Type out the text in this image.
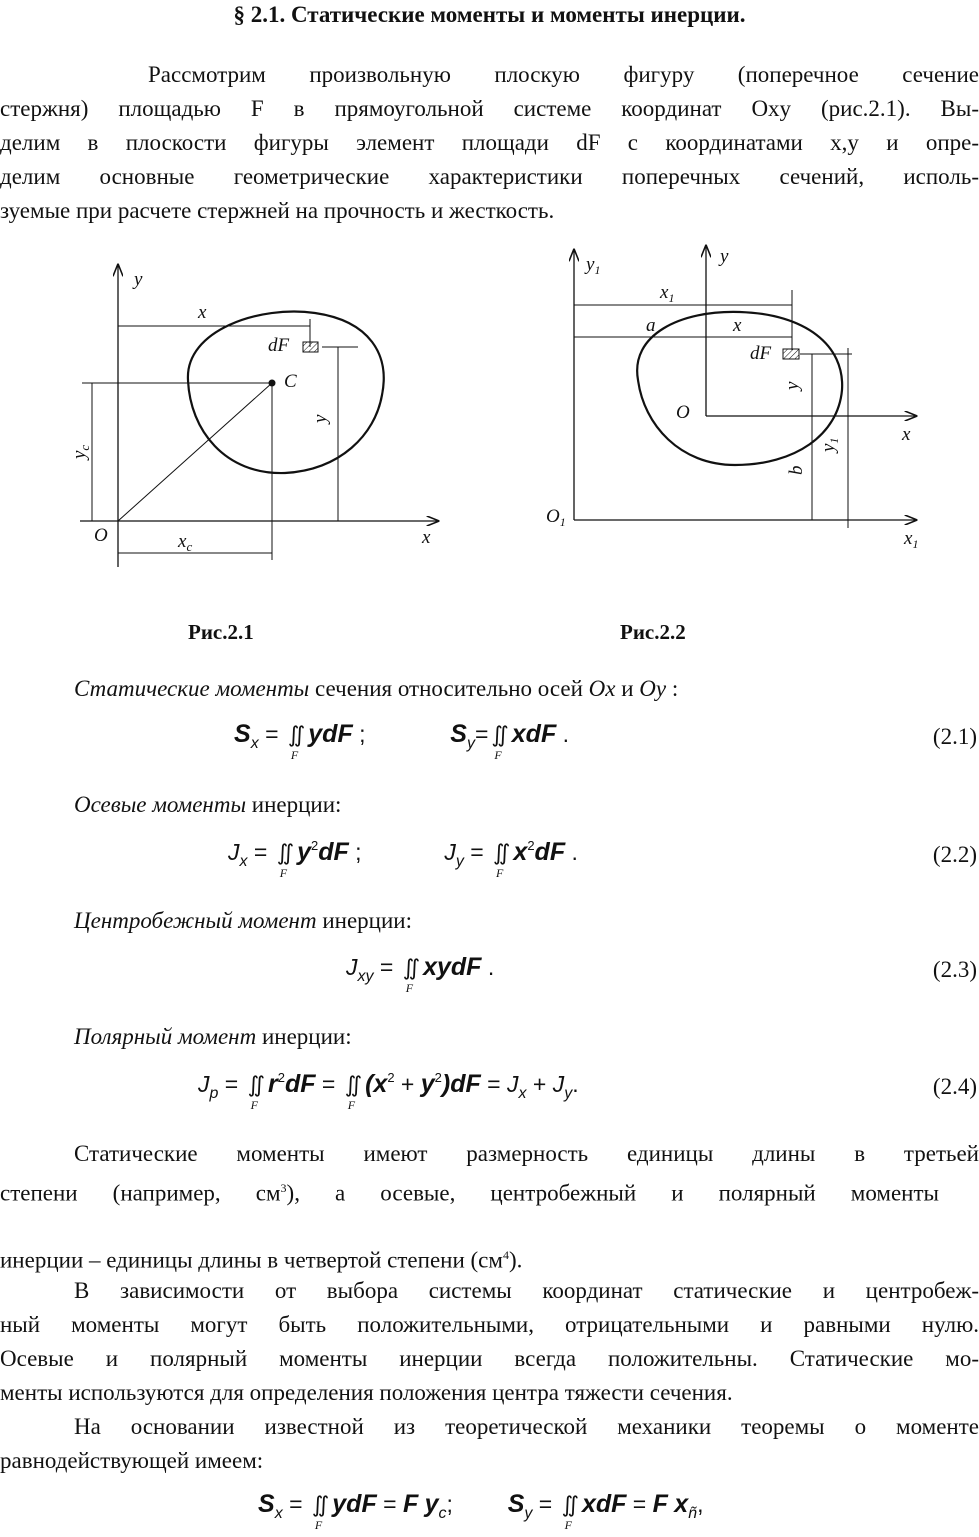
§ 2.1. Статические моменты и моменты инерции.
Рассмотрим произвольную плоскую фигуру (поперечное сечение
стержня) площадью F в прямоугольной системе координат Oxy (рис.2.1). Вы-
делим в плоскости фигуры элемент площади dF с координатами x,y и опре-
делим основные геометрические характеристики поперечных сечений, исполь-
зуемые при расчете стержней на прочность и жесткость.
y
x
dF
C
y
$y_c$
O	$x_c$	x
Рис.2.1
$y_1$
y
$x_1$
a	x
dF
y
O
x
$y_1$
b
$O_1$
$x_1$
Рис.2.2
Статические моменты сечения относительно осей Ox и Oy :
$S_x$ = ∬
F
ydF ;	$S_y=$ ∬
F
xdF .	(2.1)
Осевые моменты инерции:
$J_x$ = ∬
F
$y^2dF$ ;	$J_y$ = ∬
F
$x^2dF$ .	(2.2)
Центробежный момент инерции:
$J_{xy}$ = ∬
F
xydF .	(2.3)
Полярный момент инерции:
$J_p$ = ∬
F
$r^2dF$ = ∬
F
$(x^2 + y^2)dF = J_x + J_y$.	(2.4)
Статические моменты имеют размерность единицы длины в третьей
степени (например, $см^3$), а осевые, центробежный и полярный моменты
инерции – единицы длины в четвертой степени $(см^4)$.
В зависимости от выбора системы координат статические и центробеж-
ный моменты могут быть положительными, отрицательными и равными нулю.
Осевые и полярный моменты инерции всегда положительны. Статические мо-
менты используются для определения положения центра тяжести сечения.
На основании известной из теоретической механики теоремы о моменте
равнодействующей имеем:
$S_x$ = ∬
F
ydF = F $y_c$; $S_y$ = ∬
F
xdF = F $x_ñ$,
